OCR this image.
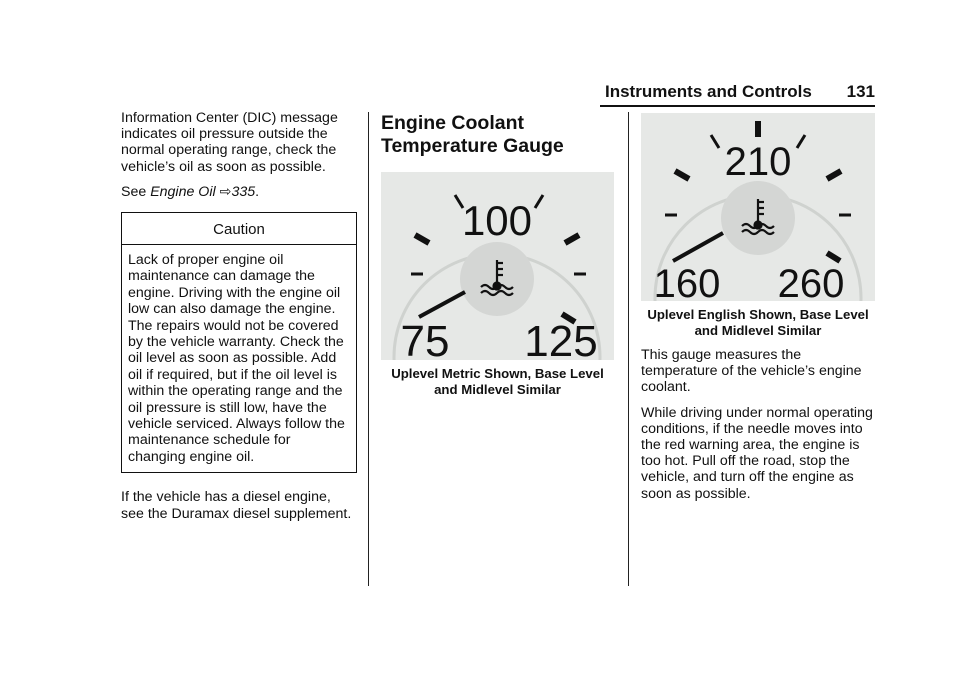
Instruments and Controls 131

Information Center (DIC) message indicates oil pressure outside the normal operating range, check the vehicle’s oil as soon as possible.

See Engine Oil ⇨335.

Caution
Lack of proper engine oil maintenance can damage the engine. Driving with the engine oil low can also damage the engine. The repairs would not be covered by the vehicle warranty. Check the oil level as soon as possible. Add oil if required, but if the oil level is within the operating range and the oil pressure is still low, have the vehicle serviced. Always follow the maintenance schedule for changing engine oil.

If the vehicle has a diesel engine, see the Duramax diesel supplement.

Engine Coolant
Temperature Gauge
100
75 125
Uplevel Metric Shown, Base Level and Midlevel Similar
210
160 260
Uplevel English Shown, Base Level and Midlevel Similar

This gauge measures the temperature of the vehicle’s engine coolant.

While driving under normal operating conditions, if the needle moves into the red warning area, the engine is too hot. Pull off the road, stop the vehicle, and turn off the engine as soon as possible.
